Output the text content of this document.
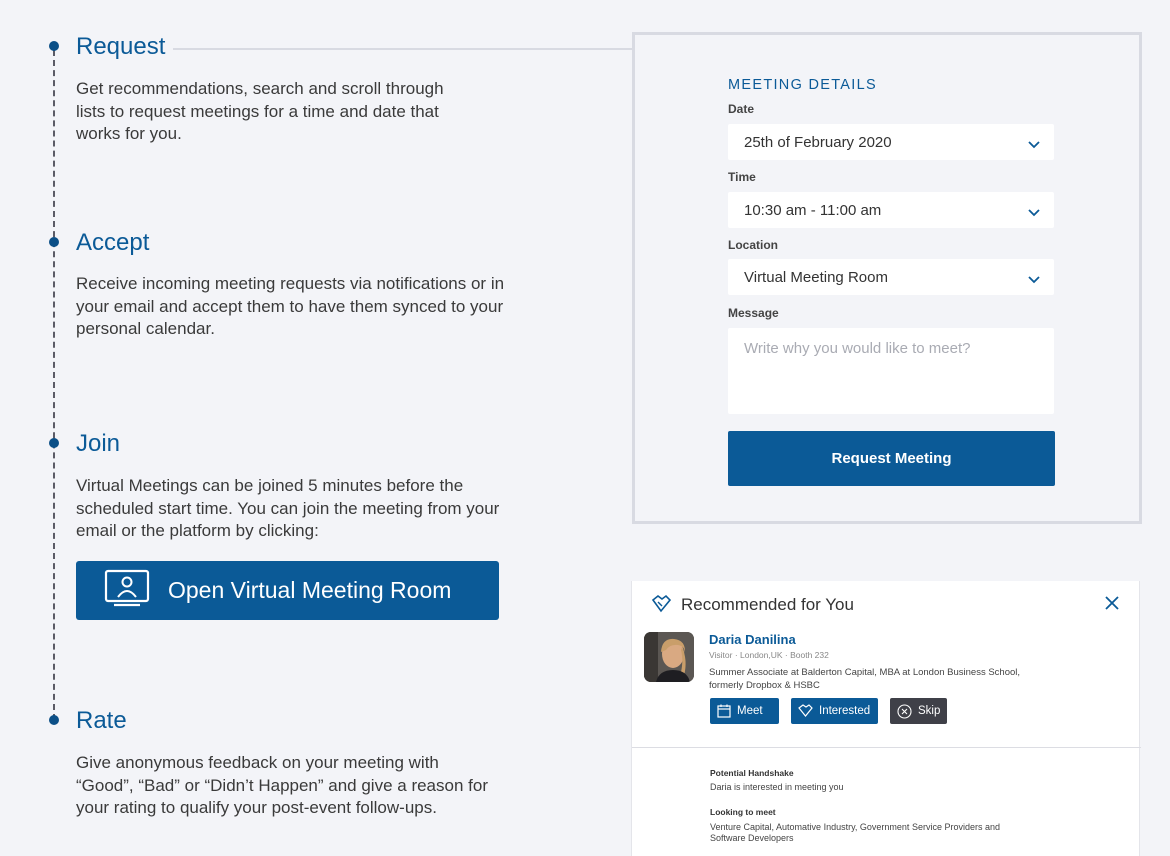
Request
Get recommendations, search and scroll through lists to request meetings for a time and date that works for you.
Accept
Receive incoming meeting requests via notifications or in your email and accept them to have them synced to your personal calendar.
Join
Virtual Meetings can be joined 5 minutes before the scheduled start time. You can join the meeting from your email or the platform by clicking:
Open Virtual Meeting Room
Rate
Give anonymous feedback on your meeting with “Good”, “Bad” or “Didn’t Happen” and give a reason for your rating to qualify your post-event follow-ups.
MEETING DETAILS
Date
25th of February 2020
Time
10:30 am - 11:00 am
Location
Virtual Meeting Room
Message
Write why you would like to meet?
Request Meeting
Recommended for You
Daria Danilina
Visitor · London,UK · Booth 232
Summer Associate at Balderton Capital, MBA at London Business School, formerly Dropbox & HSBC
Meet	Interested	Skip
Potential Handshake
Daria is interested in meeting you
Looking to meet
Venture Capital, Automative Industry, Government Service Providers and Software Developers
